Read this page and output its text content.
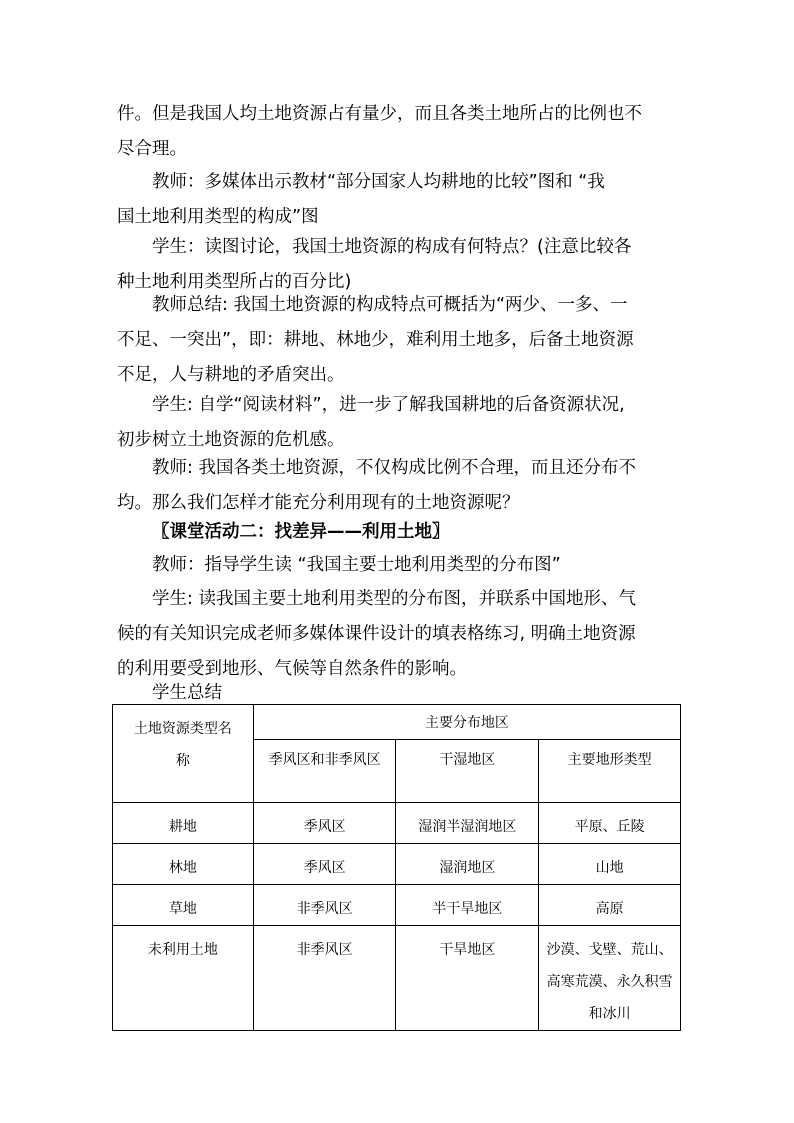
件。但是我国人均土地资源占有量少，而且各类土地所占的比例也不
尽合理。
教师：多媒体出示教材“部分国家人均耕地的比较”图和 “我
国土地利用类型的构成”图
学生：读图讨论，我国土地资源的构成有何特点？(注意比较各
种土地利用类型所占的百分比)
教师总结: 我国土地资源的构成特点可概括为“两少、一多、一
不足、一突出”，即：耕地、林地少，难利用土地多，后备土地资源
不足，人与耕地的矛盾突出。
学生: 自学“阅读材料”，进一步了解我国耕地的后备资源状况,
初步树立土地资源的危机感。
教师: 我国各类土地资源，不仅构成比例不合理，而且还分布不
均。那么我们怎样才能充分利用现有的土地资源呢？
〖课堂活动二：找差异——利用土地〗
教师：指导学生读 “我国主要士地利用类型的分布图”
学生: 读我国主要土地利用类型的分布图，并联系中国地形、气
候的有关知识完成老师多媒体课件设计的填表格练习, 明确土地资源
的利用要受到地形、气候等自然条件的影响。
学生总结
土地资源类型名
称	主要分布地区		
	季风区和非季风区	干湿地区	主要地形类型
耕地	季风区	湿润半湿润地区	平原、丘陵
林地	季风区	湿润地区	山地
草地	非季风区	半干旱地区	高原
未利用土地	非季风区	干旱地区	沙漠、戈壁、荒山、高寒荒漠、永久积雪和冰川
